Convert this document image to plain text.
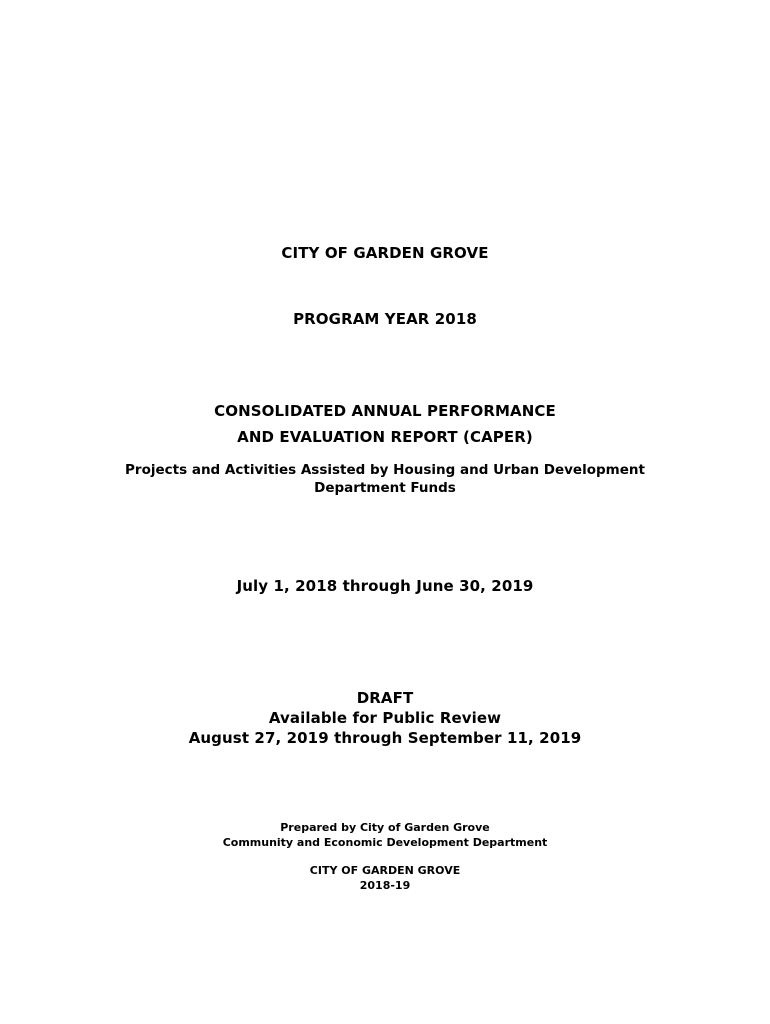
CITY OF GARDEN GROVE
PROGRAM YEAR 2018
CONSOLIDATED ANNUAL PERFORMANCE
AND EVALUATION REPORT (CAPER)
Projects and Activities Assisted by Housing and Urban Development
Department Funds
July 1, 2018 through June 30, 2019
DRAFT
Available for Public Review
August 27, 2019 through September 11, 2019
Prepared by City of Garden Grove
Community and Economic Development Department
CITY OF GARDEN GROVE
2018-19
